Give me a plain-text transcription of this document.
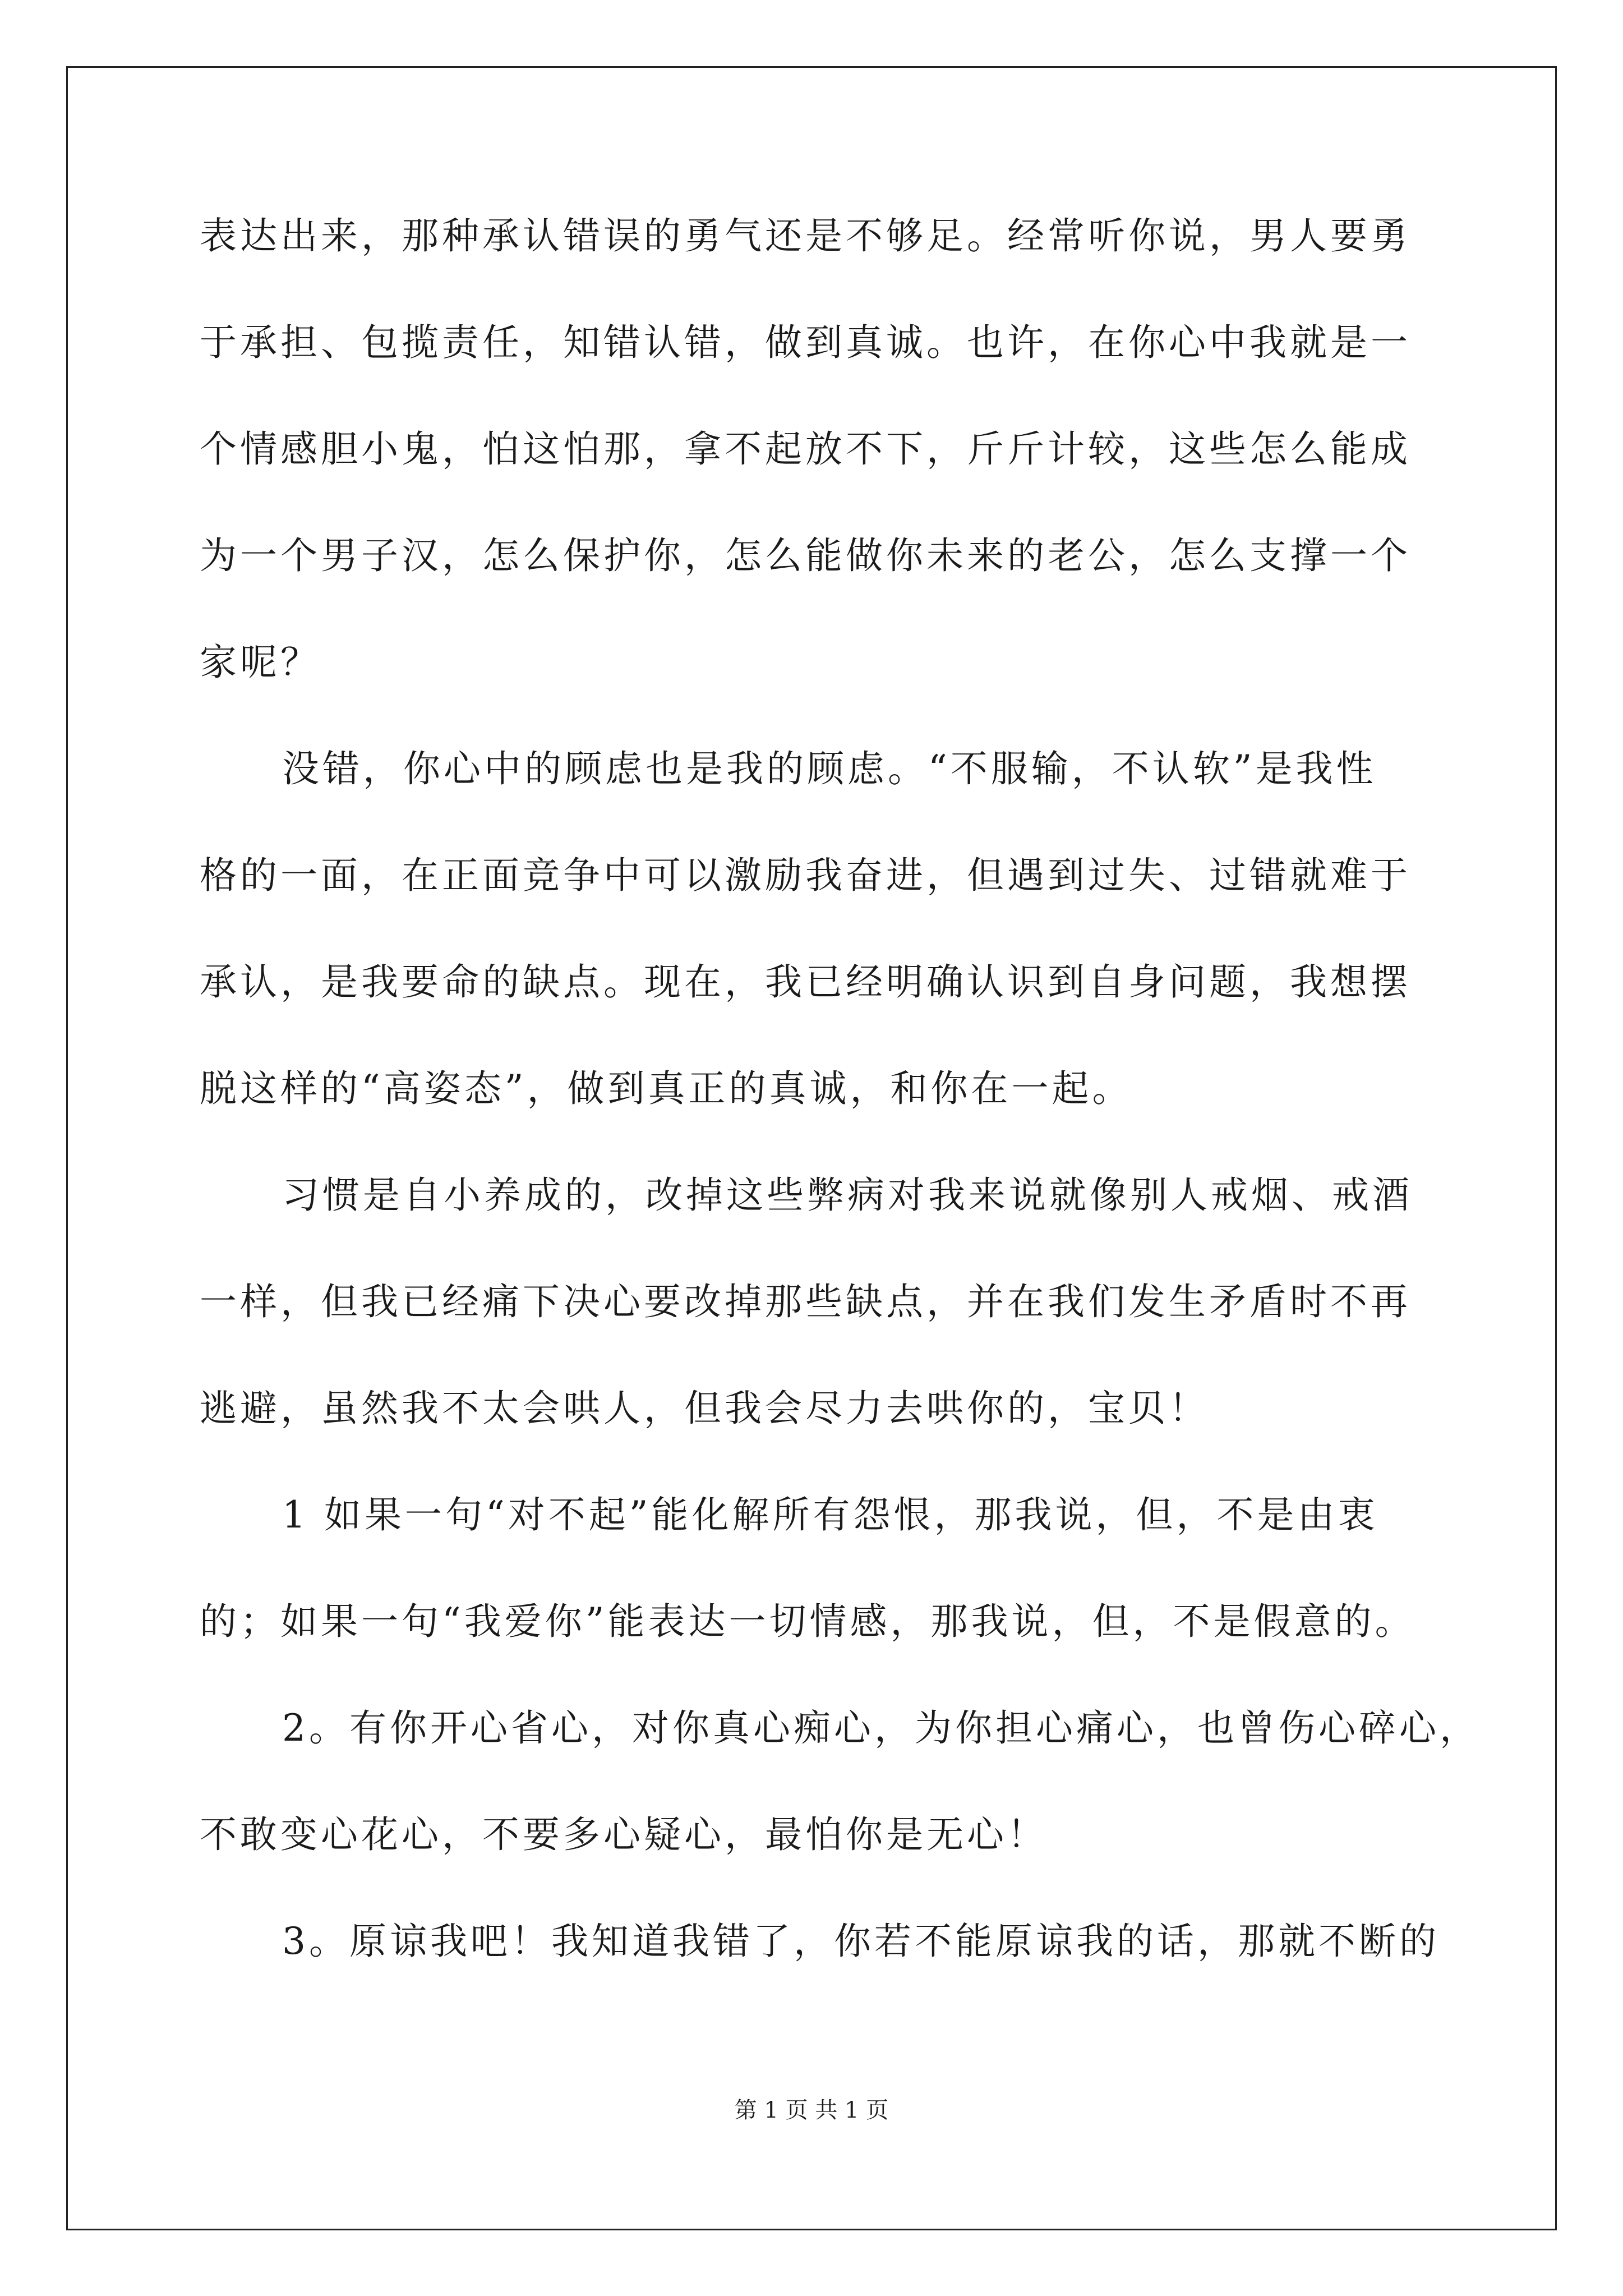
表达出来，那种承认错误的勇气还是不够足。经常听你说，男人要勇
于承担、包揽责任，知错认错，做到真诚。也许，在你心中我就是一
个情感胆小鬼，怕这怕那，拿不起放不下，斤斤计较，这些怎么能成
为一个男子汉，怎么保护你，怎么能做你未来的老公，怎么支撑一个
家呢？
没错，你心中的顾虑也是我的顾虑。“不服输，不认软”是我性
格的一面，在正面竞争中可以激励我奋进，但遇到过失、过错就难于
承认，是我要命的缺点。现在，我已经明确认识到自身问题，我想摆
脱这样的“高姿态”，做到真正的真诚，和你在一起。
习惯是自小养成的，改掉这些弊病对我来说就像别人戒烟、戒酒
一样，但我已经痛下决心要改掉那些缺点，并在我们发生矛盾时不再
逃避，虽然我不太会哄人，但我会尽力去哄你的，宝贝！
1 如果一句“对不起”能化解所有怨恨，那我说，但，不是由衷
的；如果一句“我爱你”能表达一切情感，那我说，但，不是假意的。
2。有你开心省心，对你真心痴心，为你担心痛心，也曾伤心碎心，
不敢变心花心，不要多心疑心，最怕你是无心！
3。原谅我吧！我知道我错了，你若不能原谅我的话，那就不断的
第 1 页 共 1 页
